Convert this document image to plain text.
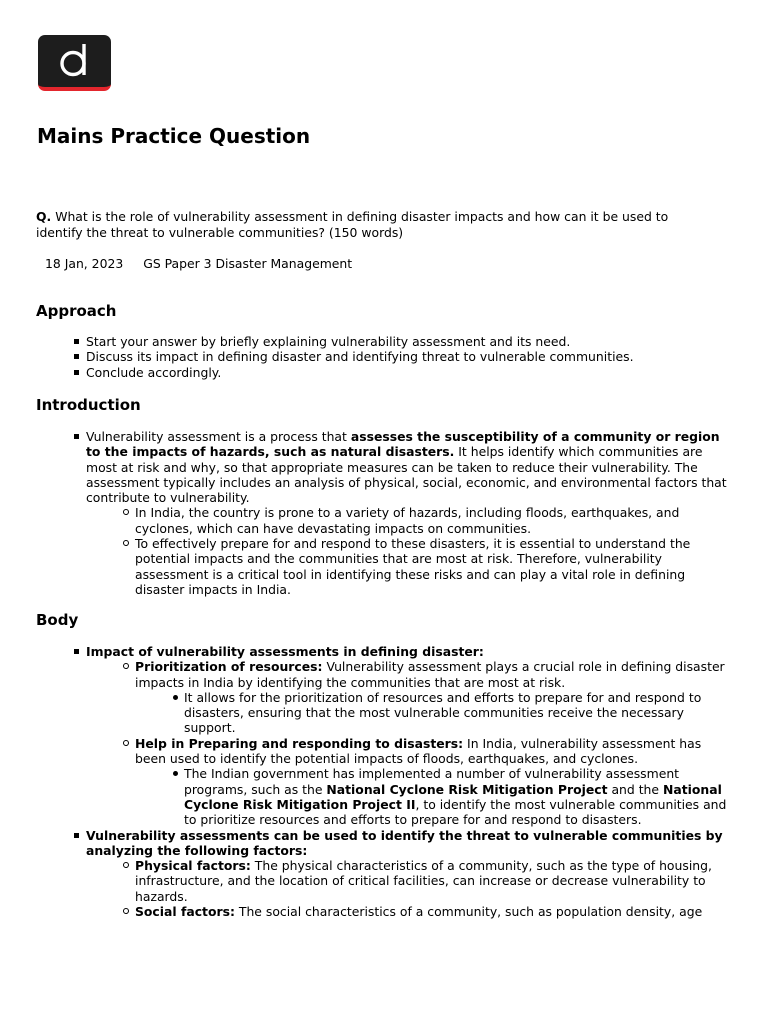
Mains Practice Question

Q. What is the role of vulnerability assessment in defining disaster impacts and how can it be used to identify the threat to vulnerable communities? (150 words)

18 Jan, 2023 GS Paper 3 Disaster Management
Approach
Start your answer by briefly explaining vulnerability assessment and its need.
Discuss its impact in defining disaster and identifying threat to vulnerable communities.
Conclude accordingly.
Introduction
Vulnerability assessment is a process that assesses the susceptibility of a community or region to the impacts of hazards, such as natural disasters. It helps identify which communities are most at risk and why, so that appropriate measures can be taken to reduce their vulnerability. The assessment typically includes an analysis of physical, social, economic, and environmental factors that contribute to vulnerability.
In India, the country is prone to a variety of hazards, including floods, earthquakes, and cyclones, which can have devastating impacts on communities.
To effectively prepare for and respond to these disasters, it is essential to understand the potential impacts and the communities that are most at risk. Therefore, vulnerability assessment is a critical tool in identifying these risks and can play a vital role in defining disaster impacts in India.
Body
Impact of vulnerability assessments in defining disaster:
Prioritization of resources: Vulnerability assessment plays a crucial role in defining disaster impacts in India by identifying the communities that are most at risk.
It allows for the prioritization of resources and efforts to prepare for and respond to disasters, ensuring that the most vulnerable communities receive the necessary support.
Help in Preparing and responding to disasters: In India, vulnerability assessment has been used to identify the potential impacts of floods, earthquakes, and cyclones.
The Indian government has implemented a number of vulnerability assessment programs, such as the National Cyclone Risk Mitigation Project and the National Cyclone Risk Mitigation Project II, to identify the most vulnerable communities and to prioritize resources and efforts to prepare for and respond to disasters.
Vulnerability assessments can be used to identify the threat to vulnerable communities by analyzing the following factors:
Physical factors: The physical characteristics of a community, such as the type of housing, infrastructure, and the location of critical facilities, can increase or decrease vulnerability to hazards.
Social factors: The social characteristics of a community, such as population density, age
